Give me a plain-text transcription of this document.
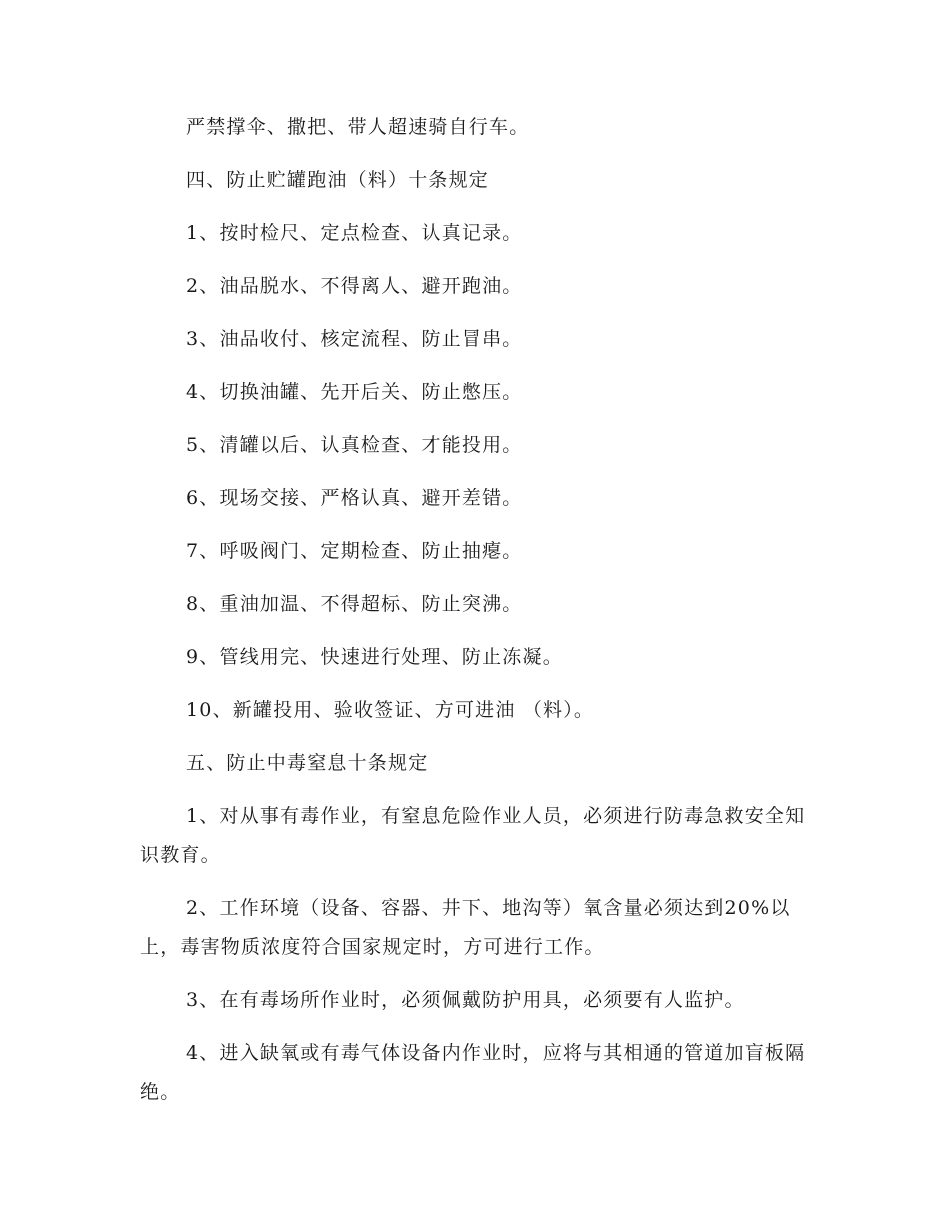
严禁撑伞、撒把、带人超速骑自行车。

四、防止贮罐跑油（料）十条规定

1、按时检尺、定点检查、认真记录。

2、油品脱水、不得离人、避开跑油。

3、油品收付、核定流程、防止冒串。

4、切换油罐、先开后关、防止憋压。

5、清罐以后、认真检查、才能投用。

6、现场交接、严格认真、避开差错。

7、呼吸阀门、定期检查、防止抽瘪。

8、重油加温、不得超标、防止突沸。

9、管线用完、快速进行处理、防止冻凝。

10、新罐投用、验收签证、方可进油 （料）。

五、防止中毒窒息十条规定

1、对从事有毒作业，有窒息危险作业人员，必须进行防毒急救安全知识教育。

2、工作环境（设备、容器、井下、地沟等）氧含量必须达到20%以上，毒害物质浓度符合国家规定时，方可进行工作。

3、在有毒场所作业时，必须佩戴防护用具，必须要有人监护。

4、进入缺氧或有毒气体设备内作业时，应将与其相通的管道加盲板隔绝。
